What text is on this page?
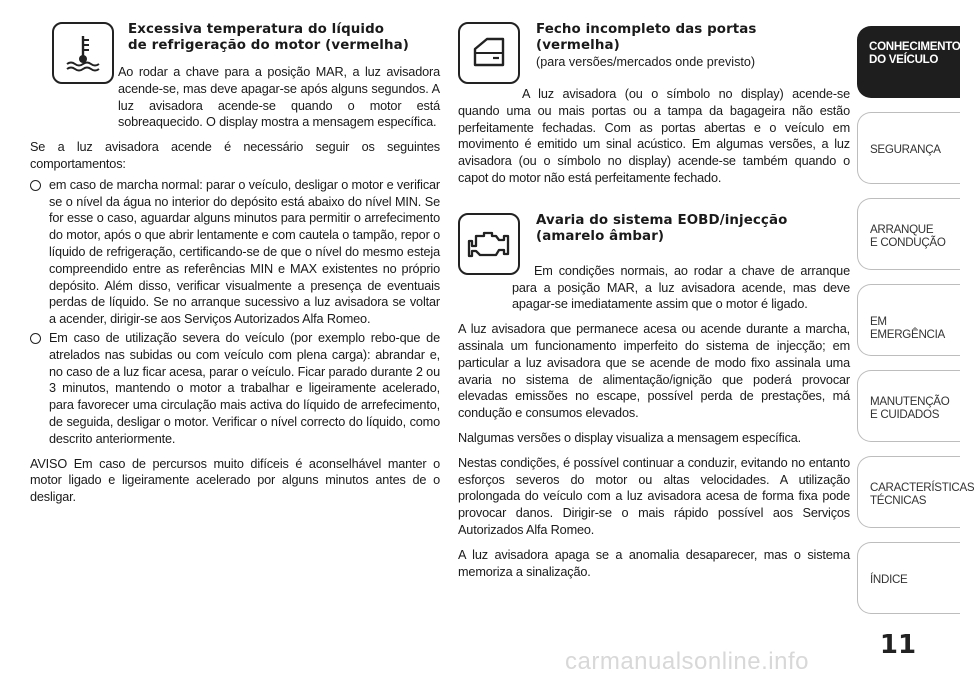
Excessiva temperatura do líquido
de refrigeração do motor (vermelha)

Ao rodar a chave para a posição MAR, a luz avisadora acende-se, mas deve apagar-se após alguns segundos. A luz avisadora acende-se quando o motor está sobreaquecido. O display mostra a mensagem específica.

Se a luz avisadora acende é necessário seguir os seguintes comportamentos:

em caso de marcha normal: parar o veículo, desligar o motor e verificar se o nível da água no interior do depósito está abaixo do nível MIN. Se for esse o caso, aguardar alguns minutos para permitir o arrefecimento do motor, após o que abrir lentamente e com cautela o tampão, repor o líquido de refrigeração, certificando-se de que o nível do mesmo esteja compreendido entre as referências MIN e MAX existentes no próprio depósito. Além disso, verificar visualmente a presença de eventuais perdas de líquido. Se no arranque sucessivo a luz avisadora se voltar a acender, dirigir-se aos Serviços Autorizados Alfa Romeo.
Em caso de utilização severa do veículo (por exemplo rebo-que de atrelados nas subidas ou com veículo com plena carga): abrandar e, no caso de a luz ficar acesa, parar o veículo. Ficar parado durante 2 ou 3 minutos, mantendo o motor a trabalhar e ligeiramente acelerado, para favorecer uma circulação mais activa do líquido de arrefecimento, de seguida, desligar o motor. Verificar o nível correcto do líquido, como descrito anteriormente.

AVISO Em caso de percursos muito difíceis é aconselhável manter o motor ligado e ligeiramente acelerado por alguns minutos antes de o desligar.

Fecho incompleto das portas
(vermelha)
(para versões/mercados onde previsto)

A luz avisadora (ou o símbolo no display) acende-se quando uma ou mais portas ou a tampa da bagageira não estão perfeitamente fechadas. Com as portas abertas e o veículo em movimento é emitido um sinal acústico. Em algumas versões, a luz avisadora (ou o símbolo no display) acende-se também quando o capot do motor não está perfeitamente fechado.

Avaria do sistema EOBD/injecção
(amarelo âmbar)

Em condições normais, ao rodar a chave de arranque para a posição MAR, a luz avisadora acende, mas deve apagar-se imediatamente assim que o motor é ligado.

A luz avisadora que permanece acesa ou acende durante a marcha, assinala um funcionamento imperfeito do sistema de injecção; em particular a luz avisadora que se acende de modo fixo assinala uma avaria no sistema de alimentação/ignição que poderá provocar elevadas emissões no escape, possível perda de prestações, má condução e consumos elevados.

Nalgumas versões o display visualiza a mensagem específica.

Nestas condições, é possível continuar a conduzir, evitando no entanto esforços severos do motor ou altas velocidades. A utilização prolongada do veículo com a luz avisadora acesa de forma fixa pode provocar danos. Dirigir-se o mais rápido possível aos Serviços Autorizados Alfa Romeo.

A luz avisadora apaga se a anomalia desaparecer, mas o sistema memoriza a sinalização.

CONHECIMENTO
DO VEÍCULO
SEGURANÇA
ARRANQUE
E CONDUÇÃO
EM EMERGÊNCIA
MANUTENÇÃO
E CUIDADOS
CARACTERÍSTICAS
TÉCNICAS
ÍNDICE
11
carmanualsonline.info
